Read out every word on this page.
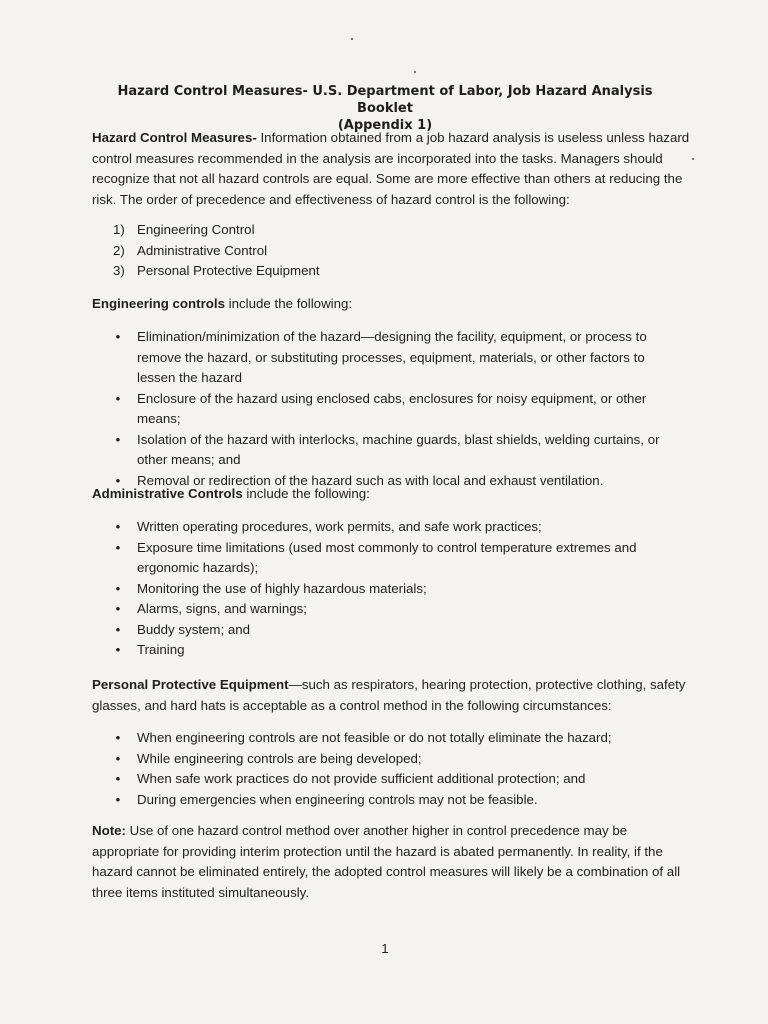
Hazard Control Measures- U.S. Department of Labor, Job Hazard Analysis Booklet
(Appendix 1)

Hazard Control Measures- Information obtained from a job hazard analysis is useless unless hazard control measures recommended in the analysis are incorporated into the tasks. Managers should recognize that not all hazard controls are equal. Some are more effective than others at reducing the risk. The order of precedence and effectiveness of hazard control is the following:

1) Engineering Control
2) Administrative Control
3) Personal Protective Equipment

Engineering controls include the following:

• Elimination/minimization of the hazard—designing the facility, equipment, or process to remove the hazard, or substituting processes, equipment, materials, or other factors to lessen the hazard
• Enclosure of the hazard using enclosed cabs, enclosures for noisy equipment, or other means;
• Isolation of the hazard with interlocks, machine guards, blast shields, welding curtains, or other means; and
• Removal or redirection of the hazard such as with local and exhaust ventilation.

Administrative Controls include the following:

• Written operating procedures, work permits, and safe work practices;
• Exposure time limitations (used most commonly to control temperature extremes and ergonomic hazards);
• Monitoring the use of highly hazardous materials;
• Alarms, signs, and warnings;
• Buddy system; and
• Training

Personal Protective Equipment—such as respirators, hearing protection, protective clothing, safety glasses, and hard hats is acceptable as a control method in the following circumstances:

• When engineering controls are not feasible or do not totally eliminate the hazard;
• While engineering controls are being developed;
• When safe work practices do not provide sufficient additional protection; and
• During emergencies when engineering controls may not be feasible.

Note: Use of one hazard control method over another higher in control precedence may be appropriate for providing interim protection until the hazard is abated permanently. In reality, if the hazard cannot be eliminated entirely, the adopted control measures will likely be a combination of all three items instituted simultaneously.

1
